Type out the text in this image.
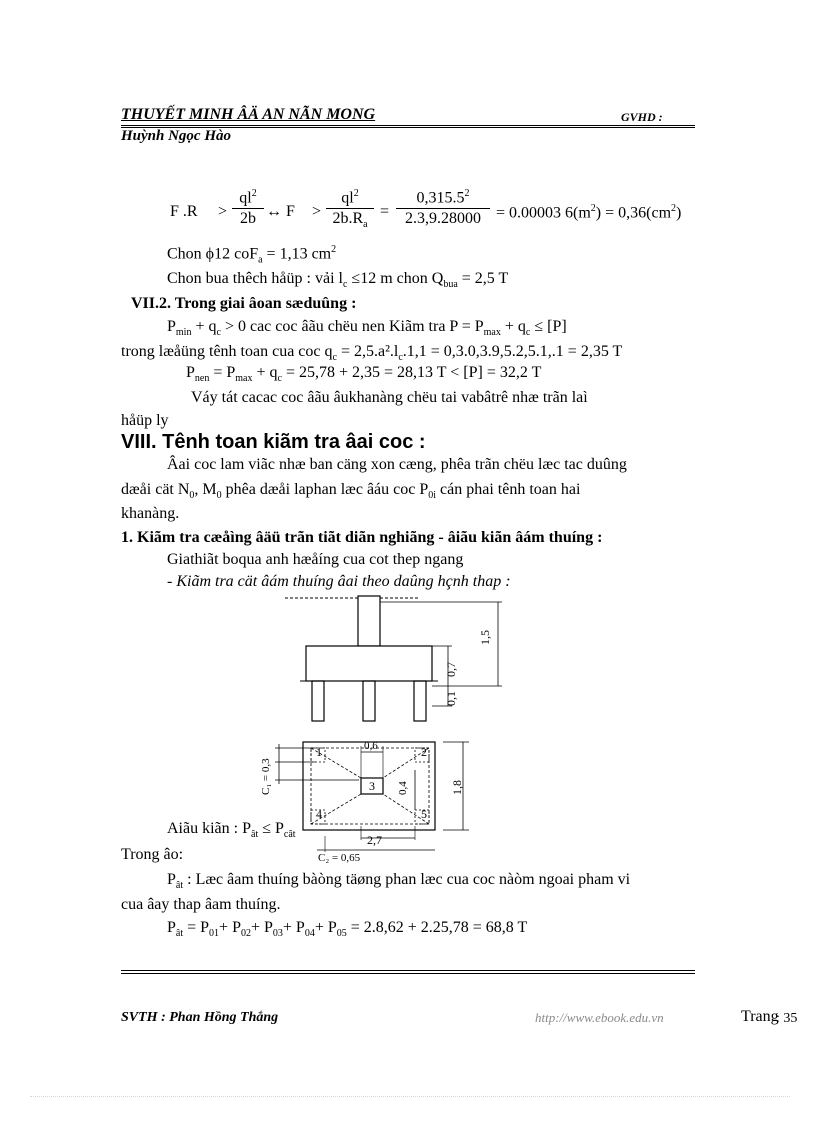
THUYẾT MINH ÂÄ AN NÃN MONG	GVHD :
Huỳnh Ngọc Hào
F .R >
$ql^2$
2b ↔ F >
$ql^2$
$2b.R_a$
=
$0,315.5^2$
2.3,9.28000 = 0.00003 $6(m^2) = 0,36(cm^2)$
Chon ϕ12 coF$_a$ = 1,13 $cm^2$
Chon bua thêch håüp : vải $l_c \le 12$ m chon $Q_{bua} = 2,5$ T
VII.2. Trong giai âoan sæduûng :
$P_{min} + q_c > 0$ cac coc âãu chëu nen Kiãm tra $P = P_{max} + q_c \le [P]$
trong læåüng tênh toan cua coc $q_c = 2,5.a^2.l_c.1,1 = 0,3.0,3.9,5.2,5.1,.1 = 2,35$ T
$P_{nen} = P_{max} + q_c = 25,78 + 2,35 = 28,13$ T < [P] = 32,2 T
Váy tát cacac coc âãu âukhanàng chëu tai vabâtrê nhæ trãn laì
håüp ly
VIII. Tênh toan kiãm tra âai coc :
Âai coc lam viãc nhæ ban cäng xon cæng, phêa trãn chëu læc tac duûng
dæåi cät $N_0$, $M_0$ phêa dæåi laphan læc âáu coc $P_{0i}$ cán phai tênh toan hai
khanàng.
1. Kiãm tra cæåìng âäü trãn tiãt diãn nghiãng - âiãu kiãn âám thuíng :
Giathiãt boqua anh hæåíng cua cot thep ngang
- Kiãm tra cät âám thuíng âai theo daûng hçnh thap :
1,5
0,7
0,1
1	2
3
4	5
0,6
0,4	1,8
C₁ = 0,3
2,7
C₂ = 0,65
Aiãu kiãn : $P_{ât} \le P_{cât}$
Trong âo:
$P_{ât}$ : Læc âam thuíng bàòng täøng phan læc cua coc nàòm ngoai pham vi
cua âay thap âam thuíng.
$P_{ât} = P_{01}+ P_{02}+ P_{03}+ P_{04}+ P_{05} = 2.8,62 + 2.25,78 = 68,8$ T
SVTH : Phan Hồng Thắng	http://www.ebook.edu.vn	Trang
: 35
